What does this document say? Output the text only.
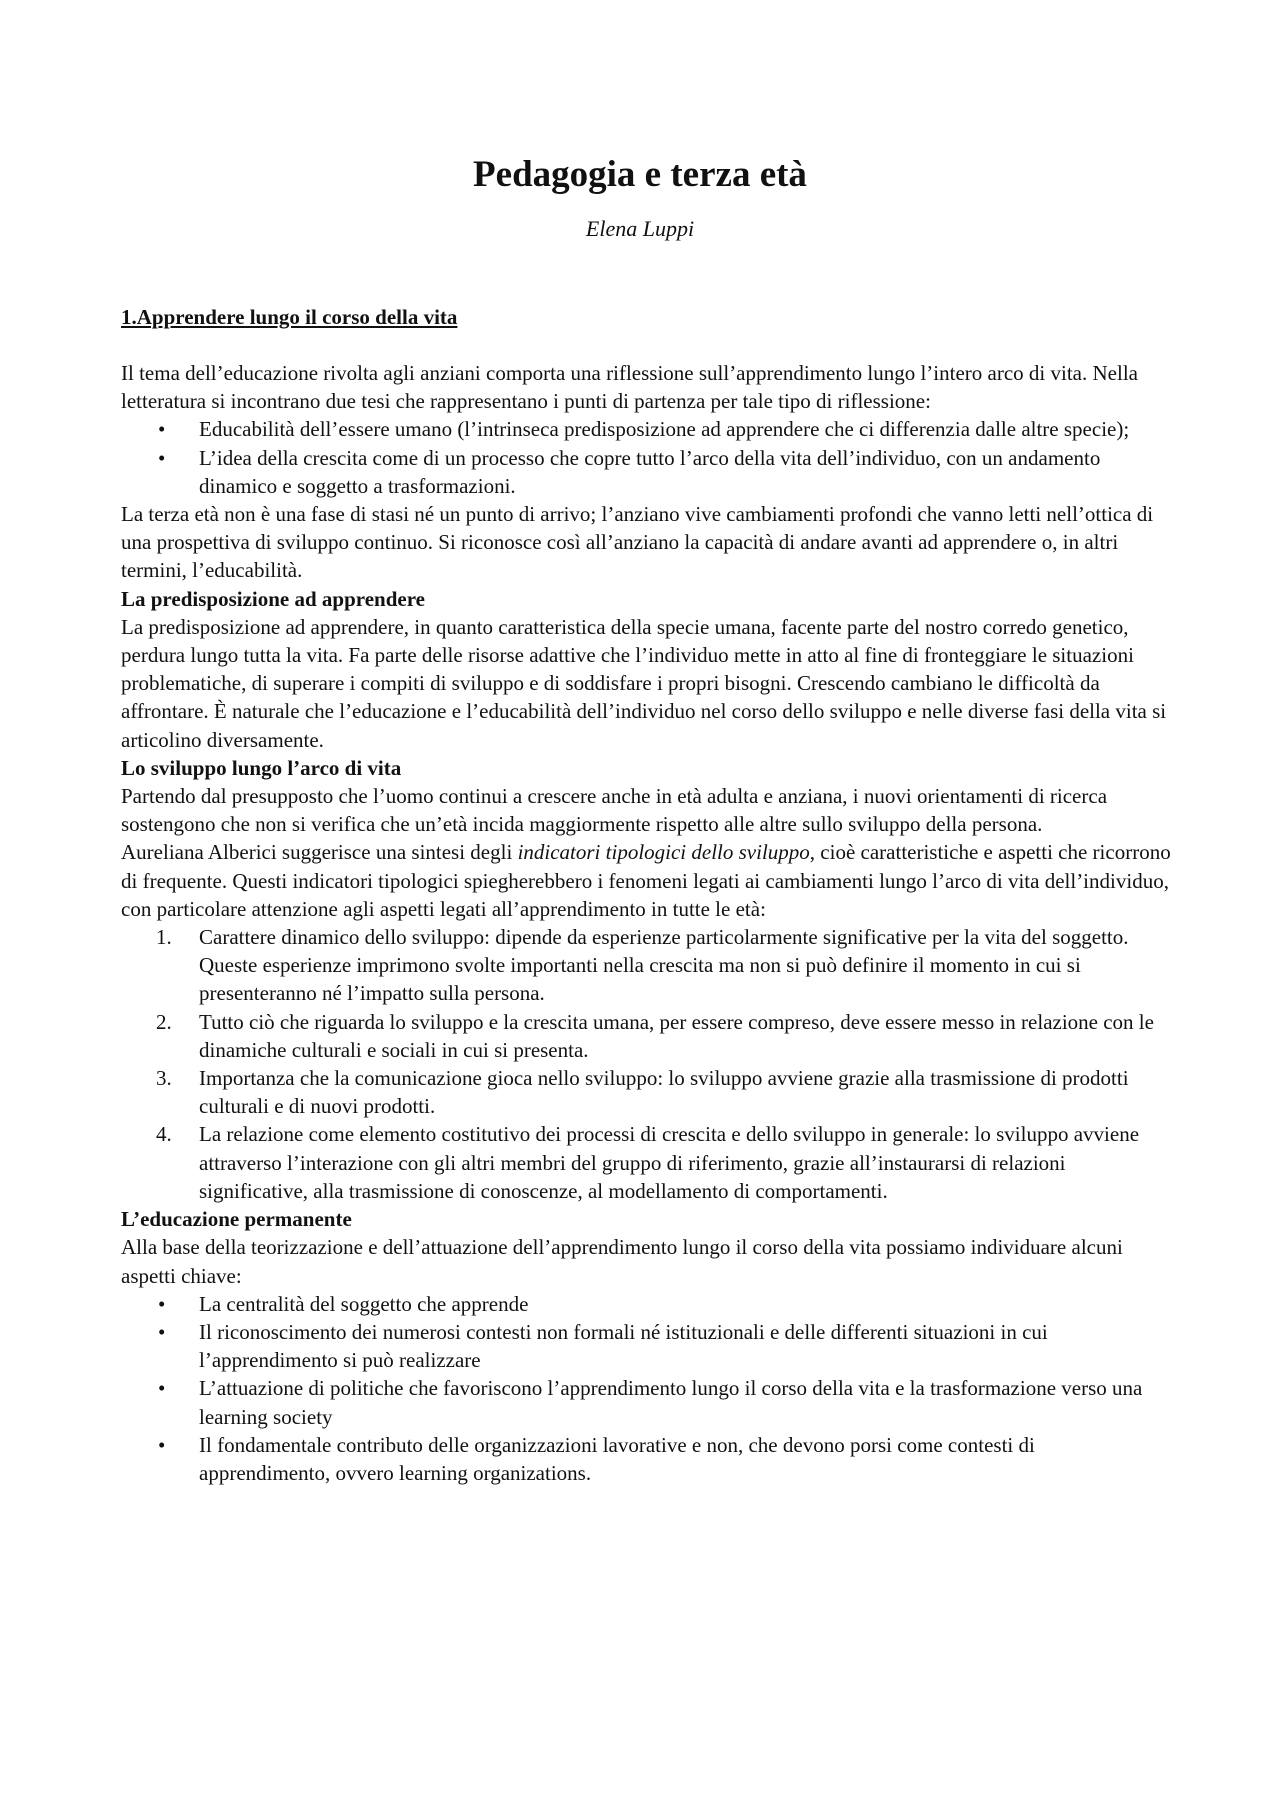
Pedagogia e terza età
Elena Luppi
1.Apprendere lungo il corso della vita

Il tema dell’educazione rivolta agli anziani comporta una riflessione sull’apprendimento lungo l’intero arco di vita. Nella letteratura si incontrano due tesi che rappresentano i punti di partenza per tale tipo di riflessione:

• Educabilità dell’essere umano (l’intrinseca predisposizione ad apprendere che ci differenzia dalle altre specie);
• L’idea della crescita come di un processo che copre tutto l’arco della vita dell’individuo, con un andamento dinamico e soggetto a trasformazioni.

La terza età non è una fase di stasi né un punto di arrivo; l’anziano vive cambiamenti profondi che vanno letti nell’ottica di una prospettiva di sviluppo continuo. Si riconosce così all’anziano la capacità di andare avanti ad apprendere o, in altri termini, l’educabilità.

La predisposizione ad apprendere

La predisposizione ad apprendere, in quanto caratteristica della specie umana, facente parte del nostro corredo genetico, perdura lungo tutta la vita. Fa parte delle risorse adattive che l’individuo mette in atto al fine di fronteggiare le situazioni problematiche, di superare i compiti di sviluppo e di soddisfare i propri bisogni. Crescendo cambiano le difficoltà da affrontare. È naturale che l’educazione e l’educabilità dell’individuo nel corso dello sviluppo e nelle diverse fasi della vita si articolino diversamente.

Lo sviluppo lungo l’arco di vita

Partendo dal presupposto che l’uomo continui a crescere anche in età adulta e anziana, i nuovi orientamenti di ricerca sostengono che non si verifica che un’età incida maggiormente rispetto alle altre sullo sviluppo della persona.

Aureliana Alberici suggerisce una sintesi degli indicatori tipologici dello sviluppo, cioè caratteristiche e aspetti che ricorrono di frequente. Questi indicatori tipologici spiegherebbero i fenomeni legati ai cambiamenti lungo l’arco di vita dell’individuo, con particolare attenzione agli aspetti legati all’apprendimento in tutte le età:

1. Carattere dinamico dello sviluppo: dipende da esperienze particolarmente significative per la vita del soggetto. Queste esperienze imprimono svolte importanti nella crescita ma non si può definire il momento in cui si presenteranno né l’impatto sulla persona.
2. Tutto ciò che riguarda lo sviluppo e la crescita umana, per essere compreso, deve essere messo in relazione con le dinamiche culturali e sociali in cui si presenta.
3. Importanza che la comunicazione gioca nello sviluppo: lo sviluppo avviene grazie alla trasmissione di prodotti culturali e di nuovi prodotti.
4. La relazione come elemento costitutivo dei processi di crescita e dello sviluppo in generale: lo sviluppo avviene attraverso l’interazione con gli altri membri del gruppo di riferimento, grazie all’instaurarsi di relazioni significative, alla trasmissione di conoscenze, al modellamento di comportamenti.
L’educazione permanente

Alla base della teorizzazione e dell’attuazione dell’apprendimento lungo il corso della vita possiamo individuare alcuni aspetti chiave:

• La centralità del soggetto che apprende
• Il riconoscimento dei numerosi contesti non formali né istituzionali e delle differenti situazioni in cui l’apprendimento si può realizzare
• L’attuazione di politiche che favoriscono l’apprendimento lungo il corso della vita e la trasformazione verso una learning society
• Il fondamentale contributo delle organizzazioni lavorative e non, che devono porsi come contesti di apprendimento, ovvero learning organizations.
